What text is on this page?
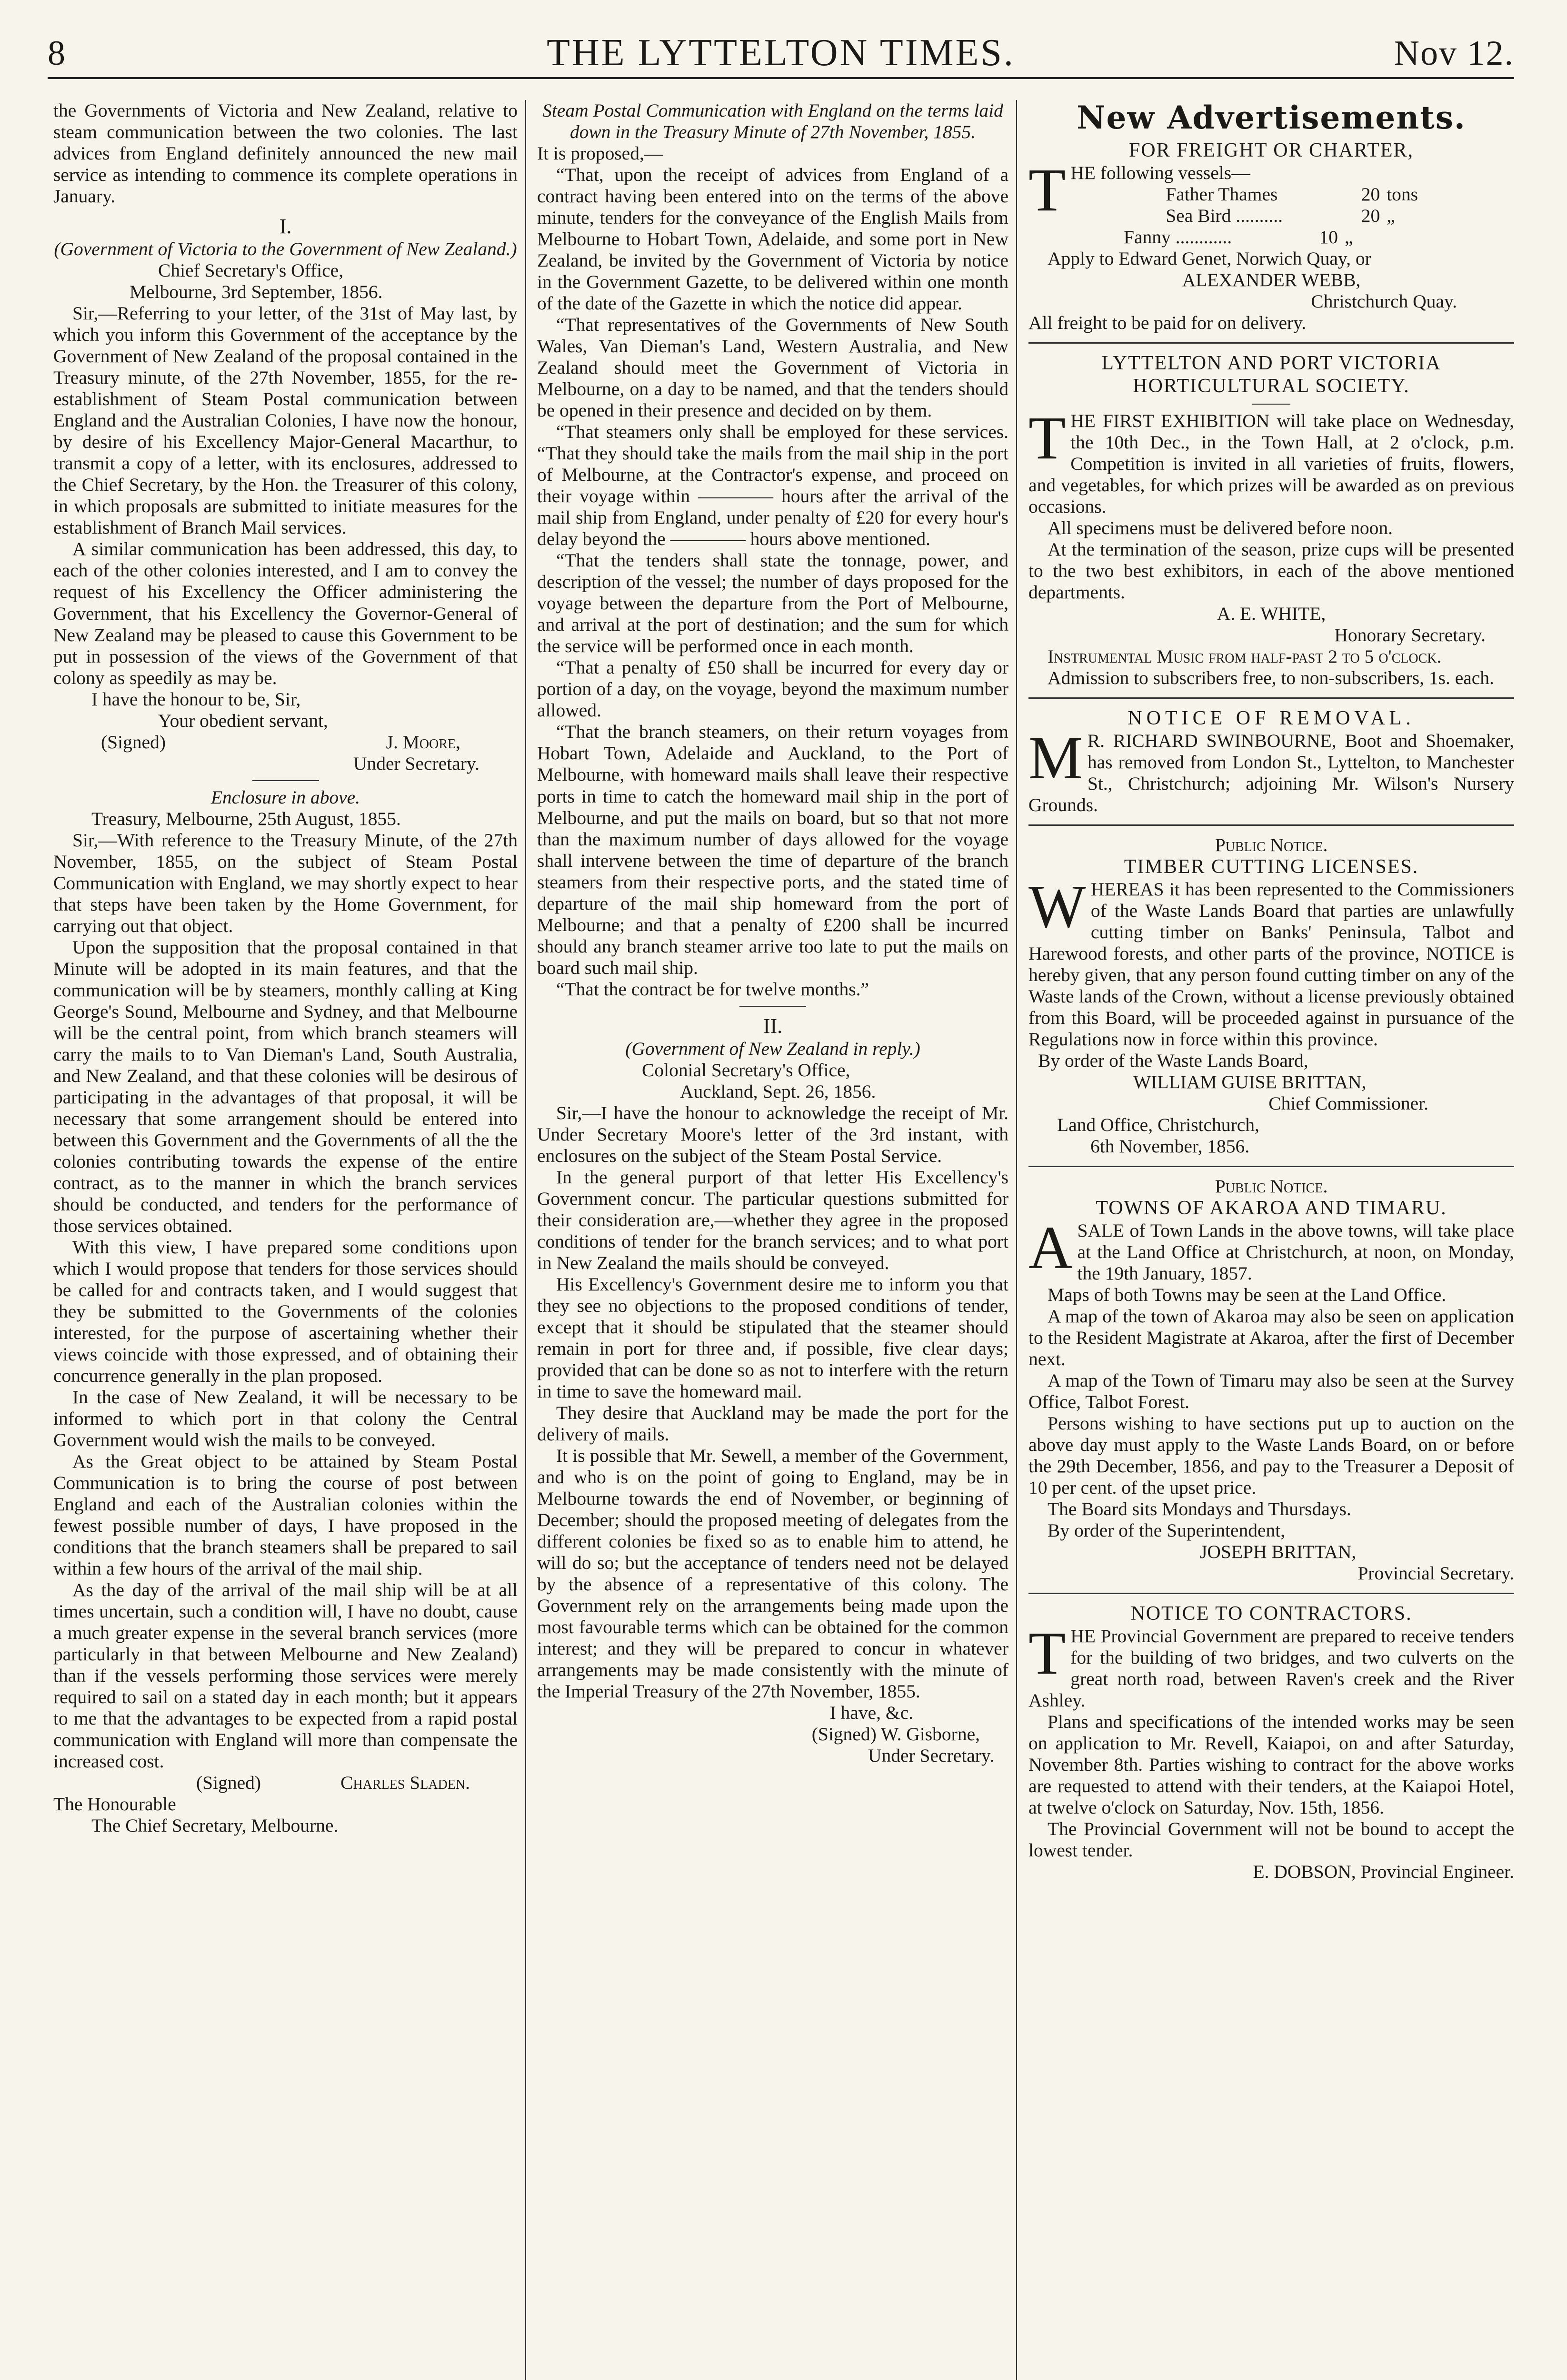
8	THE LYTTELTON TIMES.	Nov 12.

the Governments of Victoria and New Zealand, relative to steam communication between the two colonies. The last advices from England definitely announced the new mail service as intending to commence its complete operations in January.

I.

(Government of Victoria to the Government of New Zealand.)

Chief Secretary's Office,

Melbourne, 3rd September, 1856.

Sir,—Referring to your letter, of the 31st of May last, by which you inform this Government of the acceptance by the Government of New Zealand of the proposal contained in the Treasury minute, of the 27th November, 1855, for the re-establishment of Steam Postal communication between England and the Australian Colonies, I have now the honour, by desire of his Excellency Major-General Macarthur, to transmit a copy of a letter, with its enclosures, addressed to the Chief Secretary, by the Hon. the Treasurer of this colony, in which proposals are submitted to initiate measures for the establishment of Branch Mail services.

A similar communication has been addressed, this day, to each of the other colonies interested, and I am to convey the request of his Excellency the Officer administering the Government, that his Excellency the Governor-General of New Zealand may be pleased to cause this Government to be put in possession of the views of the Government of that colony as speedily as may be.

I have the honour to be, Sir,

Your obedient servant,

(Signed)	J. Moore,

Under Secretary.

Enclosure in above.

Treasury, Melbourne, 25th August, 1855.

Sir,—With reference to the Treasury Minute, of the 27th November, 1855, on the subject of Steam Postal Communication with England, we may shortly expect to hear that steps have been taken by the Home Government, for carrying out that object.

Upon the supposition that the proposal contained in that Minute will be adopted in its main features, and that the communication will be by steamers, monthly calling at King George's Sound, Melbourne and Sydney, and that Melbourne will be the central point, from which branch steamers will carry the mails to to Van Dieman's Land, South Australia, and New Zealand, and that these colonies will be desirous of participating in the advantages of that proposal, it will be necessary that some arrangement should be entered into between this Government and the Governments of all the the colonies contributing towards the expense of the entire contract, as to the manner in which the branch services should be conducted, and tenders for the performance of those services obtained.

With this view, I have prepared some conditions upon which I would propose that tenders for those services should be called for and contracts taken, and I would suggest that they be submitted to the Governments of the colonies interested, for the purpose of ascertaining whether their views coincide with those expressed, and of obtaining their concurrence generally in the plan proposed.

In the case of New Zealand, it will be necessary to be informed to which port in that colony the Central Government would wish the mails to be conveyed.

As the Great object to be attained by Steam Postal Communication is to bring the course of post between England and each of the Australian colonies within the fewest possible number of days, I have proposed in the conditions that the branch steamers shall be prepared to sail within a few hours of the arrival of the mail ship.

As the day of the arrival of the mail ship will be at all times uncertain, such a condition will, I have no doubt, cause a much greater expense in the several branch services (more particularly in that between Melbourne and New Zealand) than if the vessels performing those services were merely required to sail on a stated day in each month; but it appears to me that the advantages to be expected from a rapid postal communication with England will more than compensate the increased cost.

(Signed)	Charles Sladen.

The Honourable

The Chief Secretary, Melbourne.

Steam Postal Communication with England on the terms laid down in the Treasury Minute of 27th November, 1855.

It is proposed,—

“That, upon the receipt of advices from England of a contract having been entered into on the terms of the above minute, tenders for the conveyance of the English Mails from Melbourne to Hobart Town, Adelaide, and some port in New Zealand, be invited by the Government of Victoria by notice in the Government Gazette, to be delivered within one month of the date of the Gazette in which the notice did appear.

“That representatives of the Governments of New South Wales, Van Dieman's Land, Western Australia, and New Zealand should meet the Government of Victoria in Melbourne, on a day to be named, and that the tenders should be opened in their presence and decided on by them.

“That steamers only shall be employed for these services. “That they should take the mails from the mail ship in the port of Melbourne, at the Contractor's expense, and proceed on their voyage within ———— hours after the arrival of the mail ship from England, under penalty of £20 for every hour's delay beyond the ———— hours above mentioned.

“That the tenders shall state the tonnage, power, and description of the vessel; the number of days proposed for the voyage between the departure from the Port of Melbourne, and arrival at the port of destination; and the sum for which the service will be performed once in each month.

“That a penalty of £50 shall be incurred for every day or portion of a day, on the voyage, beyond the maximum number allowed.

“That the branch steamers, on their return voyages from Hobart Town, Adelaide and Auckland, to the Port of Melbourne, with homeward mails shall leave their respective ports in time to catch the homeward mail ship in the port of Melbourne, and put the mails on board, but so that not more than the maximum number of days allowed for the voyage shall intervene between the time of departure of the branch steamers from their respective ports, and the stated time of departure of the mail ship homeward from the port of Melbourne; and that a penalty of £200 shall be incurred should any branch steamer arrive too late to put the mails on board such mail ship.

“That the contract be for twelve months.”

II.

(Government of New Zealand in reply.)

Colonial Secretary's Office,

Auckland, Sept. 26, 1856.

Sir,—I have the honour to acknowledge the receipt of Mr. Under Secretary Moore's letter of the 3rd instant, with enclosures on the subject of the Steam Postal Service.

In the general purport of that letter His Excellency's Government concur. The particular questions submitted for their consideration are,—whether they agree in the proposed conditions of tender for the branch services; and to what port in New Zealand the mails should be conveyed.

His Excellency's Government desire me to inform you that they see no objections to the proposed conditions of tender, except that it should be stipulated that the steamer should remain in port for three and, if possible, five clear days; provided that can be done so as not to interfere with the return in time to save the homeward mail.

They desire that Auckland may be made the port for the delivery of mails.

It is possible that Mr. Sewell, a member of the Government, and who is on the point of going to England, may be in Melbourne towards the end of November, or beginning of December; should the proposed meeting of delegates from the different colonies be fixed so as to enable him to attend, he will do so; but the acceptance of tenders need not be delayed by the absence of a representative of this colony. The Government rely on the arrangements being made upon the most favourable terms which can be obtained for the common interest; and they will be prepared to concur in whatever arrangements may be made consistently with the minute of the Imperial Treasury of the 27th November, 1855.

I have, &c.

(Signed) W. Gisborne,

Under Secretary.

New Advertisements.

FOR FREIGHT OR CHARTER,

THE following vessels—

Father Thames	20 tons
Sea Bird ..........	20 „
Fanny ............	10 „

Apply to Edward Genet, Norwich Quay, or

ALEXANDER WEBB,

Christchurch Quay.

All freight to be paid for on delivery.

LYTTELTON AND PORT VICTORIA

HORTICULTURAL SOCIETY.

THE FIRST EXHIBITION will take place on Wednesday, the 10th Dec., in the Town Hall, at 2 o'clock, p.m. Competition is invited in all varieties of fruits, flowers, and vegetables, for which prizes will be awarded as on previous occasions.

All specimens must be delivered before noon.

At the termination of the season, prize cups will be presented to the two best exhibitors, in each of the above mentioned departments.

A. E. WHITE,

Honorary Secretary.

Instrumental Music from half-past 2 to 5 o'clock.

Admission to subscribers free, to non-subscribers, 1s. each.

NOTICE OF REMOVAL.

M R. RICHARD SWINBOURNE, Boot and Shoemaker, has removed from London St., Lyttelton, to Manchester St., Christchurch; adjoining Mr. Wilson's Nursery Grounds.

Public Notice.

TIMBER CUTTING LICENSES.

WHEREAS it has been represented to the Commissioners of the Waste Lands Board that parties are unlawfully cutting timber on Banks' Peninsula, Talbot and Harewood forests, and other parts of the province, NOTICE is hereby given, that any person found cutting timber on any of the Waste lands of the Crown, without a license previously obtained from this Board, will be proceeded against in pursuance of the Regulations now in force within this province.

By order of the Waste Lands Board,

WILLIAM GUISE BRITTAN,

Chief Commissioner.

Land Office, Christchurch,

6th November, 1856.

Public Notice.

TOWNS OF AKAROA AND TIMARU.

ASALE of Town Lands in the above towns, will take place at the Land Office at Christchurch, at noon, on Monday, the 19th January, 1857.

Maps of both Towns may be seen at the Land Office.

A map of the town of Akaroa may also be seen on application to the Resident Magistrate at Akaroa, after the first of December next.

A map of the Town of Timaru may also be seen at the Survey Office, Talbot Forest.

Persons wishing to have sections put up to auction on the above day must apply to the Waste Lands Board, on or before the 29th December, 1856, and pay to the Treasurer a Deposit of 10 per cent. of the upset price.

The Board sits Mondays and Thursdays.

By order of the Superintendent,

JOSEPH BRITTAN,

Provincial Secretary.

NOTICE TO CONTRACTORS.

THE Provincial Government are prepared to receive tenders for the building of two bridges, and two culverts on the great north road, between Raven's creek and the River Ashley.

Plans and specifications of the intended works may be seen on application to Mr. Revell, Kaiapoi, on and after Saturday, November 8th. Parties wishing to contract for the above works are requested to attend with their tenders, at the Kaiapoi Hotel, at twelve o'clock on Saturday, Nov. 15th, 1856.

The Provincial Government will not be bound to accept the lowest tender.

E. DOBSON, Provincial Engineer.
